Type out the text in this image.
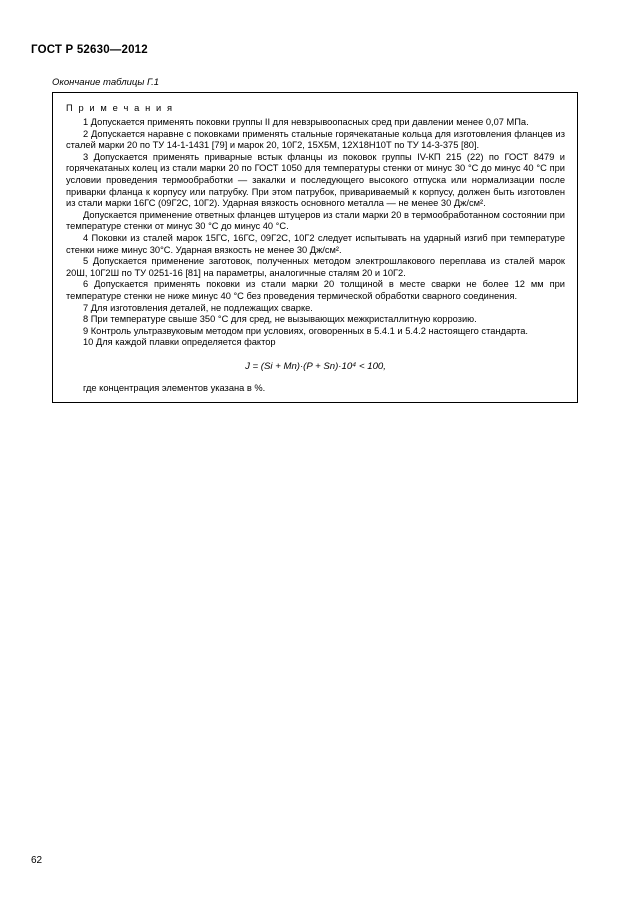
ГОСТ Р 52630—2012
Окончание таблицы Г.1
П р и м е ч а н и я
1 Допускается применять поковки группы II для невзрывоопасных сред при давлении менее 0,07 МПа.
2 Допускается наравне с поковками применять стальные горячекатаные кольца для изготовления фланцев из сталей марки 20 по ТУ 14-1-1431 [79] и марок 20, 10Г2, 15Х5М, 12Х18Н10Т по ТУ 14-3-375 [80].
3 Допускается применять приварные встык фланцы из поковок группы IV-КП 215 (22) по ГОСТ 8479 и горячекатаных колец из стали марки 20 по ГОСТ 1050 для температуры стенки от минус 30 °С до минус 40 °С при условии проведения термообработки — закалки и последующего высокого отпуска или нормализации после приварки фланца к корпусу или патрубку. При этом патрубок, привариваемый к корпусу, должен быть изготовлен из стали марки 16ГС (09Г2С, 10Г2). Ударная вязкость основного металла — не менее 30 Дж/см².
Допускается применение ответных фланцев штуцеров из стали марки 20 в термообработанном состоянии при температуре стенки от минус 30 °С до минус 40 °С.
4 Поковки из сталей марок 15ГС, 16ГС, 09Г2С, 10Г2 следует испытывать на ударный изгиб при температуре стенки ниже минус 30°С. Ударная вязкость не менее 30 Дж/см².
5 Допускается применение заготовок, полученных методом электрошлакового переплава из сталей марок 20Ш, 10Г2Ш по ТУ 0251-16 [81] на параметры, аналогичные сталям 20 и 10Г2.
6 Допускается применять поковки из стали марки 20 толщиной в месте сварки не более 12 мм при температуре стенки не ниже минус 40 °С без проведения термической обработки сварного соединения.
7 Для изготовления деталей, не подлежащих сварке.
8 При температуре свыше 350 °С для сред, не вызывающих межкристаллитную коррозию.
9 Контроль ультразвуковым методом при условиях, оговоренных в 5.4.1 и 5.4.2 настоящего стандарта.
10 Для каждой плавки определяется фактор
J = (Si + Mn)·(P + Sn)·10⁴ < 100,
где концентрация элементов указана в %.
62
